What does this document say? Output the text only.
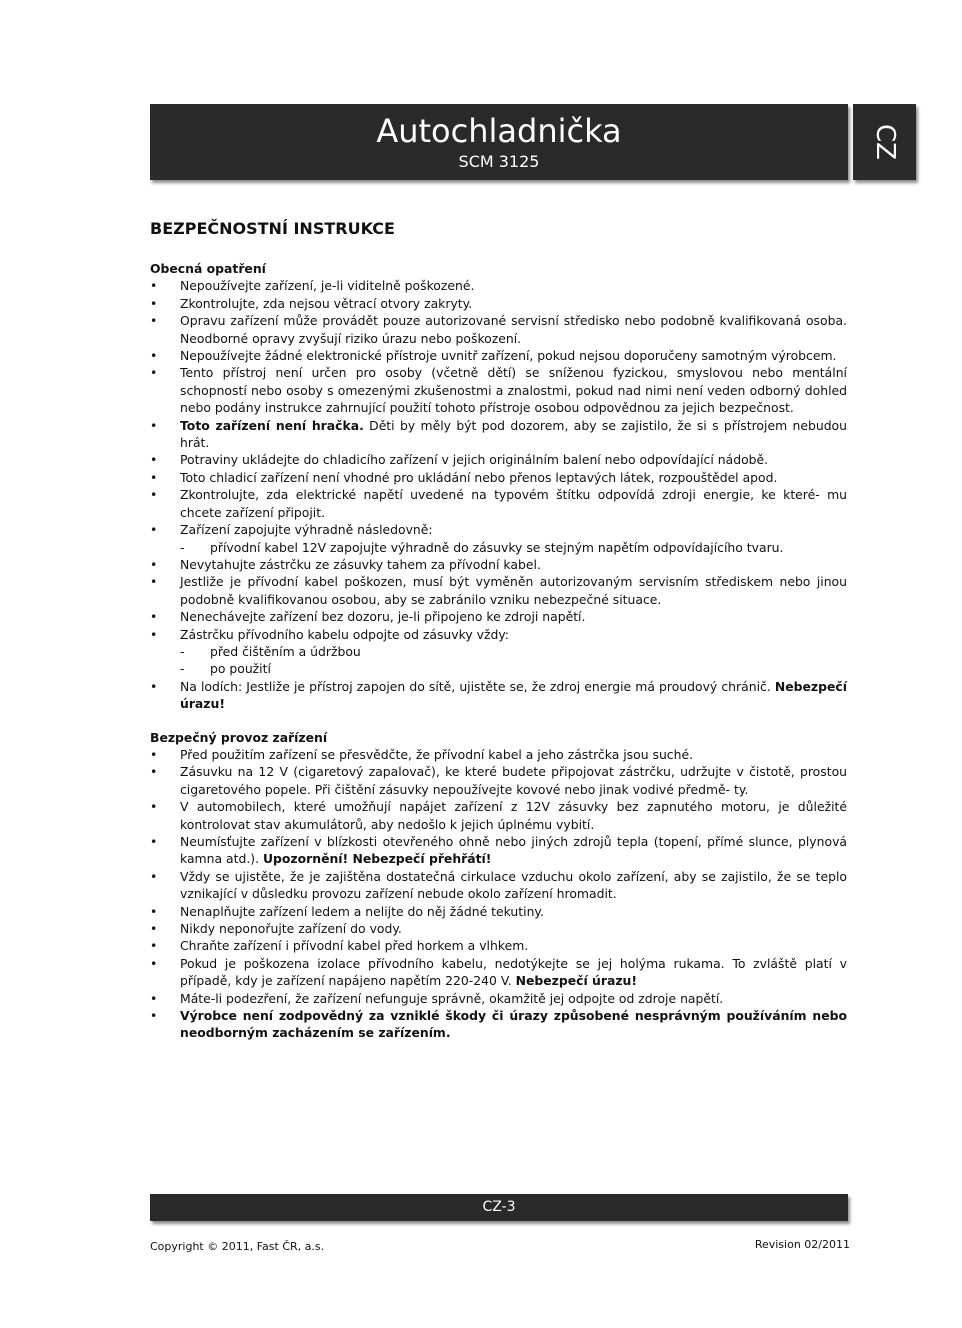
Autochladnička
SCM 3125
CZ
BEZPEČNOSTNÍ INSTRUKCE
Obecná opatření
• Nepoužívejte zařízení, je-li viditelně poškozené.
• Zkontrolujte, zda nejsou větrací otvory zakryty.
• Opravu zařízení může provádět pouze autorizované servisní středisko nebo podobně kvalifikovaná osoba. Neodborné opravy zvyšují riziko úrazu nebo poškození.
• Nepoužívejte žádné elektronické přístroje uvnitř zařízení, pokud nejsou doporučeny samotným výrobcem.
• Tento přístroj není určen pro osoby (včetně dětí) se sníženou fyzickou, smyslovou nebo mentální schopností nebo osoby s omezenými zkušenostmi a znalostmi, pokud nad nimi není veden odborný dohled nebo podány instrukce zahrnující použití tohoto přístroje osobou odpovědnou za jejich bezpečnost.
• Toto zařízení není hračka. Děti by měly být pod dozorem, aby se zajistilo, že si s přístrojem nebudou hrát.
• Potraviny ukládejte do chladicího zařízení v jejich originálním balení nebo odpovídající nádobě.
• Toto chladicí zařízení není vhodné pro ukládání nebo přenos leptavých látek, rozpouštědel apod.
• Zkontrolujte, zda elektrické napětí uvedené na typovém štítku odpovídá zdroji energie, ke které- mu chcete zařízení připojit.
• Zařízení zapojujte výhradně následovně:
- přívodní kabel 12V zapojujte výhradně do zásuvky se stejným napětím odpovídajícího tvaru.
• Nevytahujte zástrčku ze zásuvky tahem za přívodní kabel.
• Jestliže je přívodní kabel poškozen, musí být vyměněn autorizovaným servisním střediskem nebo jinou podobně kvalifikovanou osobou, aby se zabránilo vzniku nebezpečné situace.
• Nenechávejte zařízení bez dozoru, je-li připojeno ke zdroji napětí.
• Zástrčku přívodního kabelu odpojte od zásuvky vždy:
- před čištěním a údržbou
- po použití
• Na lodích: Jestliže je přístroj zapojen do sítě, ujistěte se, že zdroj energie má proudový chránič. Nebezpečí úrazu!
Bezpečný provoz zařízení
• Před použitím zařízení se přesvědčte, že přívodní kabel a jeho zástrčka jsou suché.
• Zásuvku na 12 V (cigaretový zapalovač), ke které budete připojovat zástrčku, udržujte v čistotě, prostou cigaretového popele. Při čištění zásuvky nepoužívejte kovové nebo jinak vodivé předmě- ty.
• V automobilech, které umožňují napájet zařízení z 12V zásuvky bez zapnutého motoru, je důležité kontrolovat stav akumulátorů, aby nedošlo k jejich úplnému vybití.
• Neumísťujte zařízení v blízkosti otevřeného ohně nebo jiných zdrojů tepla (topení, přímé slunce, plynová kamna atd.). Upozornění! Nebezpečí přehřátí!
• Vždy se ujistěte, že je zajištěna dostatečná cirkulace vzduchu okolo zařízení, aby se zajistilo, že se teplo vznikající v důsledku provozu zařízení nebude okolo zařízení hromadit.
• Nenaplňujte zařízení ledem a nelijte do něj žádné tekutiny.
• Nikdy neponořujte zařízení do vody.
• Chraňte zařízení i přívodní kabel před horkem a vlhkem.
• Pokud je poškozena izolace přívodního kabelu, nedotýkejte se jej holýma rukama. To zvláště platí v případě, kdy je zařízení napájeno napětím 220-240 V. Nebezpečí úrazu!
• Máte-li podezření, že zařízení nefunguje správně, okamžitě jej odpojte od zdroje napětí.
• Výrobce není zodpovědný za vzniklé škody či úrazy způsobené nesprávným používáním nebo neodborným zacházením se zařízením.
CZ-3
Copyright © 2011, Fast ČR, a.s.	Revision 02/2011
